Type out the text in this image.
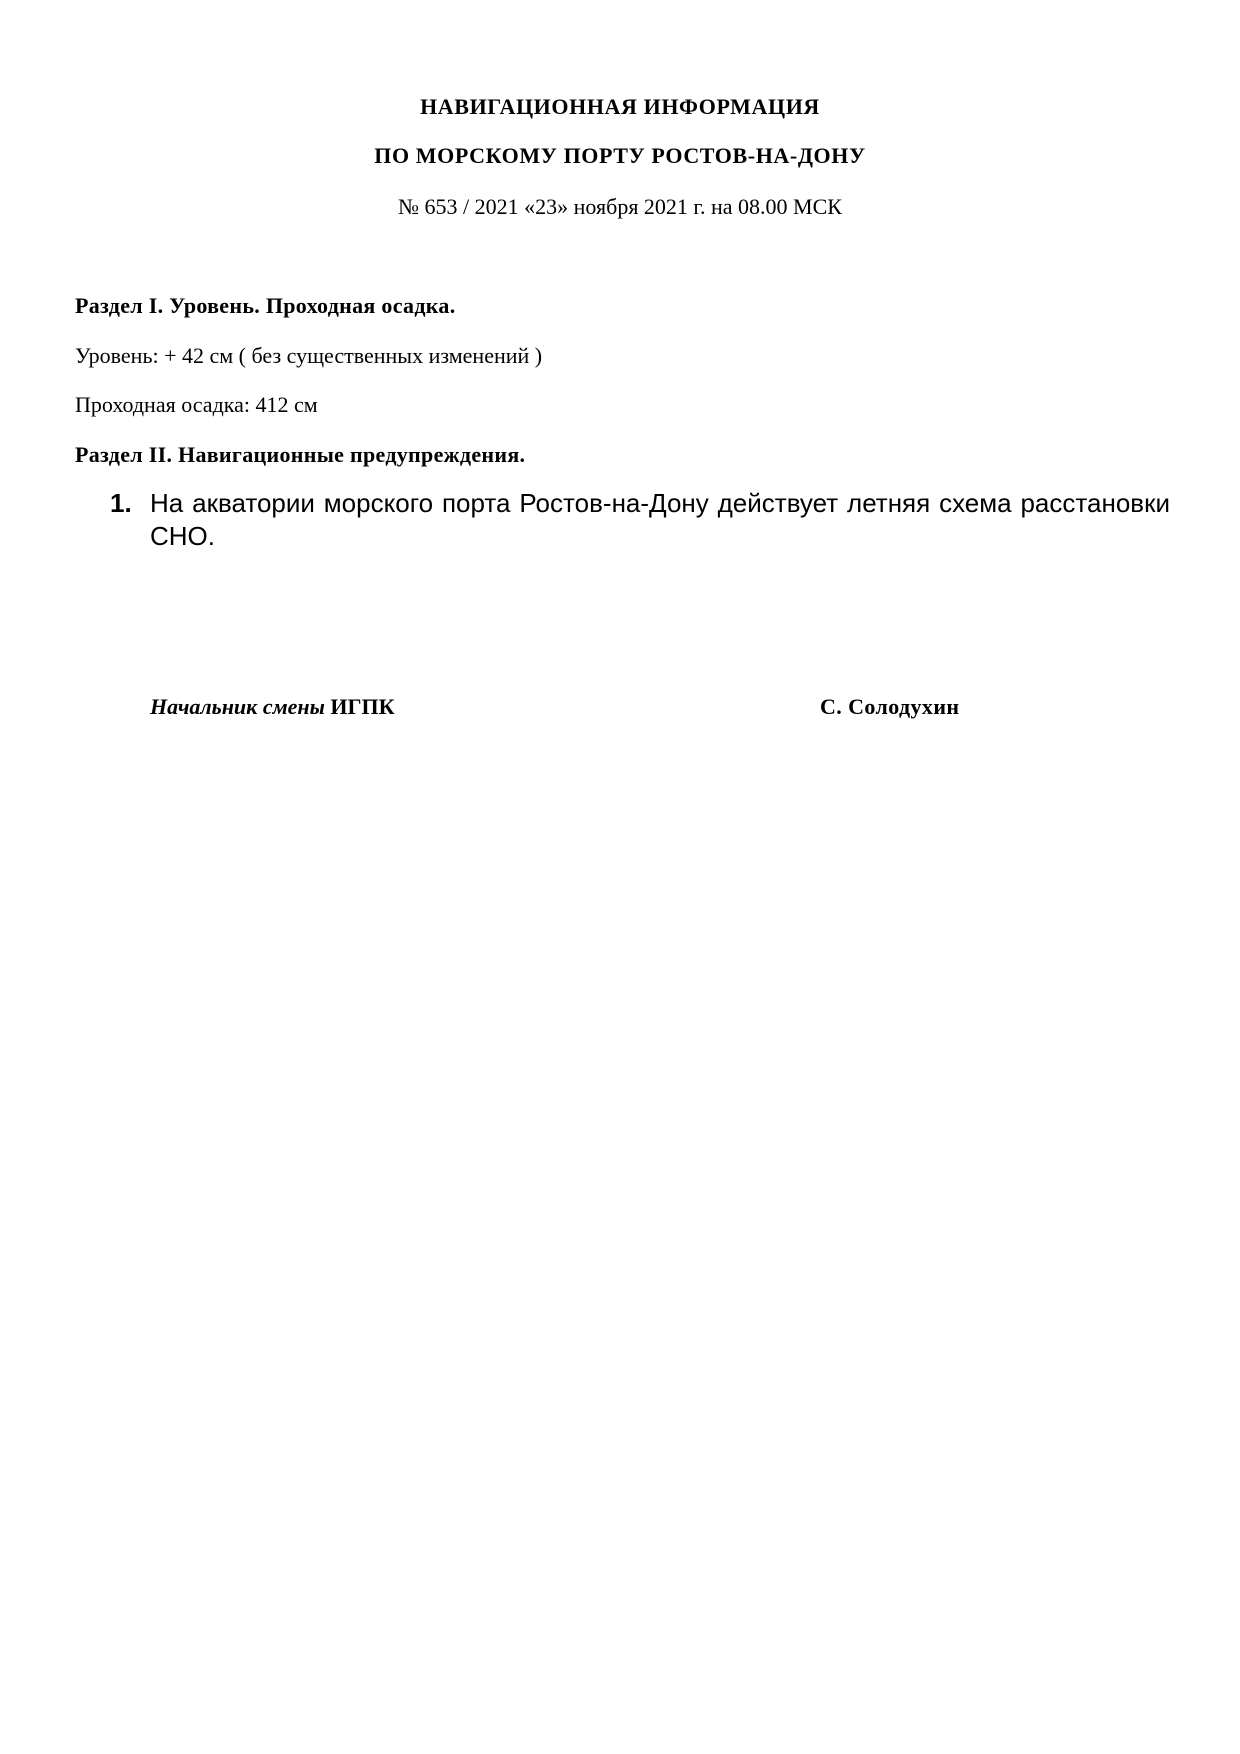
НАВИГАЦИОННАЯ ИНФОРМАЦИЯ
ПО МОРСКОМУ ПОРТУ РОСТОВ-НА-ДОНУ
№ 653 / 2021 «23» ноября 2021 г. на 08.00 МСК
Раздел I. Уровень. Проходная осадка.
Уровень: + 42 см ( без существенных изменений )
Проходная осадка: 412 см
Раздел II. Навигационные предупреждения.
1. На акватории морского порта Ростов-на-Дону действует летняя схема расстановки СНО.
Начальник смены ИГПК	С. Солодухин
